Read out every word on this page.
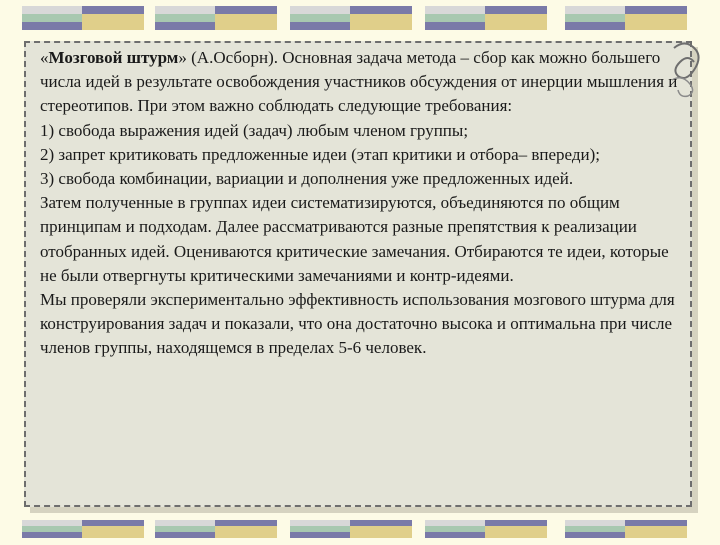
«Мозговой штурм» (А.Осборн). Основная задача метода – сбор как можно большего числа идей в результате освобождения участников обсуждения от инерции мышления и стереотипов. При этом важно соблюдать следующие требования:

1) свобода выражения идей (задач) любым членом группы;

2) запрет критиковать предложенные идеи (этап критики и отбора– впереди);

3) свобода комбинации, вариации и дополнения уже предложенных идей.

Затем полученные в группах идеи систематизируются, объединяются по общим принципам и подходам. Далее рассматриваются разные препятствия к реализации отобранных идей. Оцениваются критические замечания. Отбираются те идеи, которые не были отвергнуты критическими замечаниями и контр-идеями.

Мы проверяли экспериментально эффективность использования мозгового штурма для конструирования задач и показали, что она достаточно высока и оптимальна при числе членов группы, находящемся в пределах 5-6 человек.
